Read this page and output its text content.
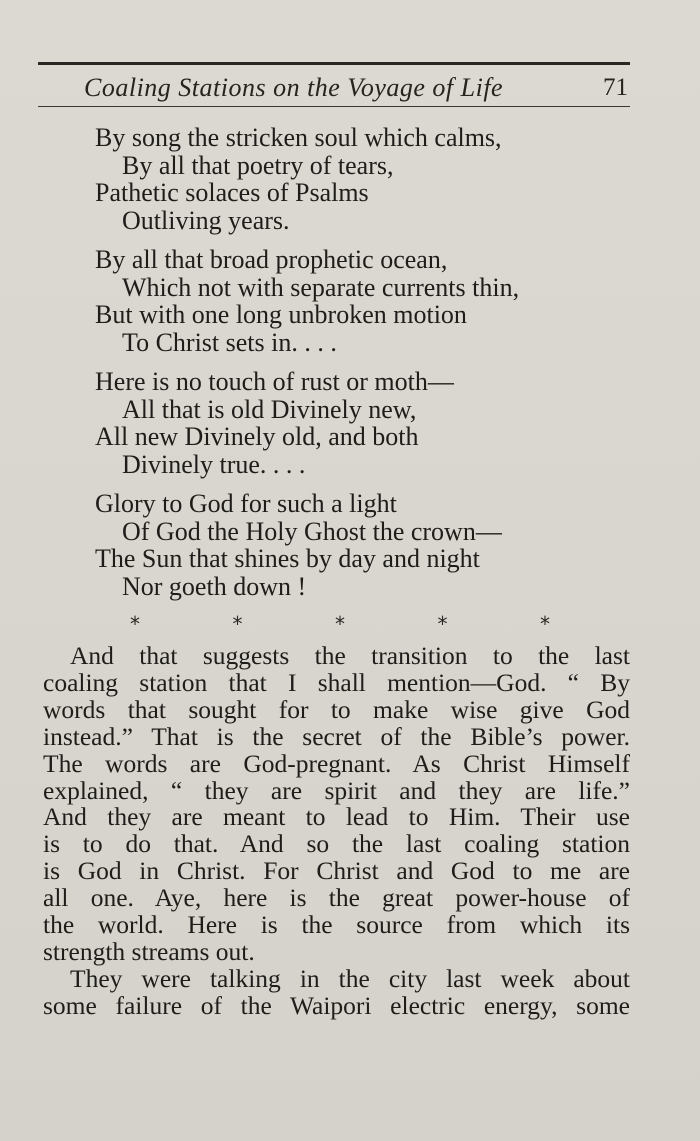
Coaling Stations on the Voyage of Life	71
By song the stricken soul which calms,
By all that poetry of tears,
Pathetic solaces of Psalms
Outliving years.
By all that broad prophetic ocean,
Which not with separate currents thin,
But with one long unbroken motion
To Christ sets in. . . .
Here is no touch of rust or moth—
All that is old Divinely new,
All new Divinely old, and both
Divinely true. . . .
Glory to God for such a light
Of God the Holy Ghost the crown—
The Sun that shines by day and night
Nor goeth down !
*	*	*	*	*
And that suggests the transition to the last
coaling station that I shall mention—God. “ By
words that sought for to make wise give God
instead.” That is the secret of the Bible’s power.
The words are God-pregnant. As Christ Himself
explained, “ they are spirit and they are life.”
And they are meant to lead to Him. Their use
is to do that. And so the last coaling station
is God in Christ. For Christ and God to me are
all one. Aye, here is the great power-house of
the world. Here is the source from which its
strength streams out.
They were talking in the city last week about
some failure of the Waipori electric energy, some
